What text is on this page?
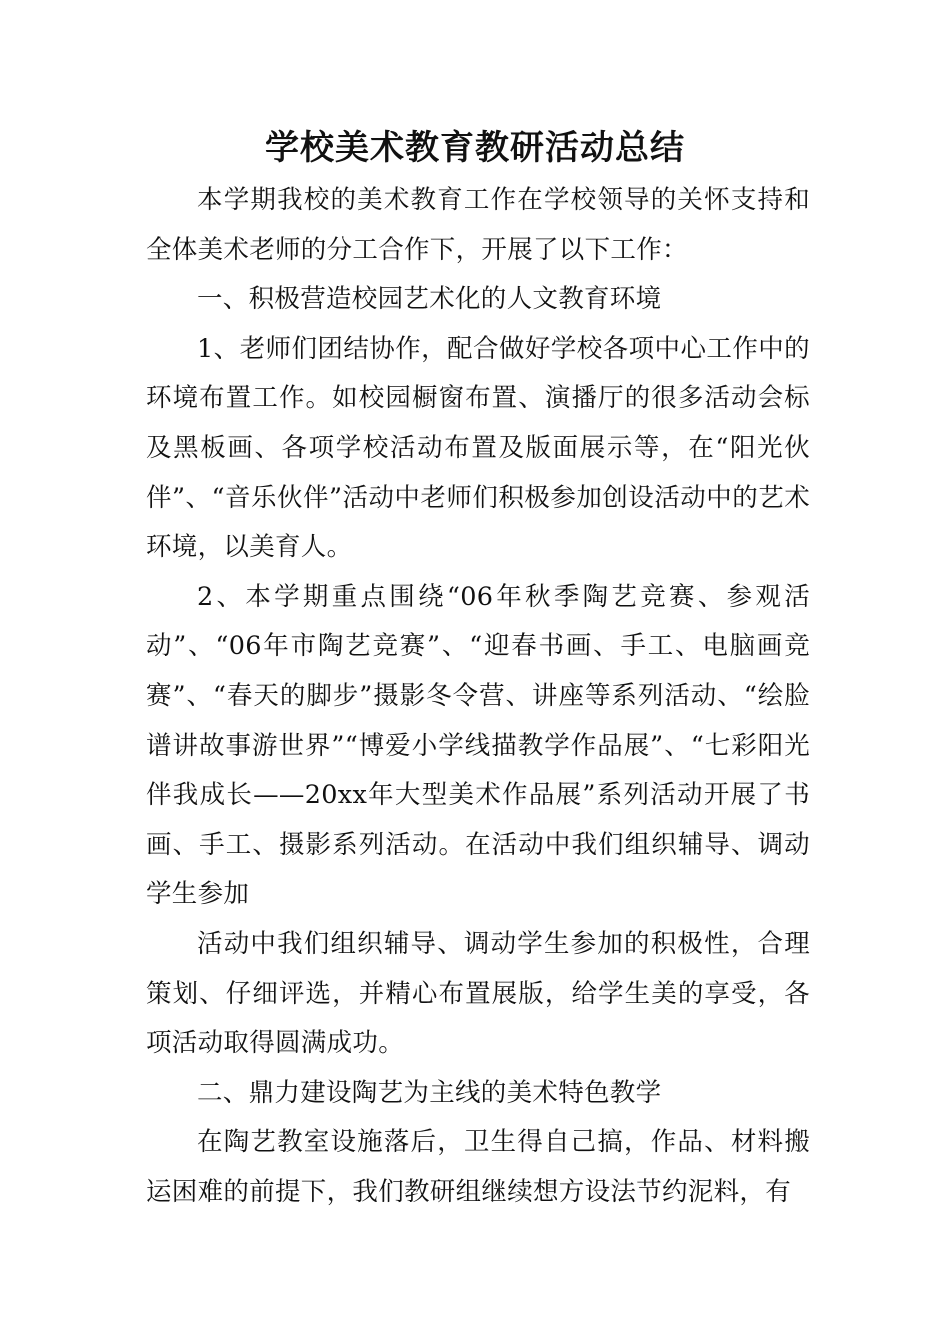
学校美术教育教研活动总结

本学期我校的美术教育工作在学校领导的关怀支持和全体美术老师的分工合作下，开展了以下工作：

一、积极营造校园艺术化的人文教育环境

1、老师们团结协作，配合做好学校各项中心工作中的环境布置工作。如校园橱窗布置、演播厅的很多活动会标及黑板画、各项学校活动布置及版面展示等，在“阳光伙伴”、“音乐伙伴”活动中老师们积极参加创设活动中的艺术环境，以美育人。

2、本学期重点围绕“06年秋季陶艺竞赛、参观活动”、“06年市陶艺竞赛”、“迎春书画、手工、电脑画竞赛”、“春天的脚步”摄影冬令营、讲座等系列活动、“绘脸谱讲故事游世界”“博爱小学线描教学作品展”、“七彩阳光伴我成长——20xx年大型美术作品展”系列活动开展了书画、手工、摄影系列活动。在活动中我们组织辅导、调动学生参加

活动中我们组织辅导、调动学生参加的积极性，合理策划、仔细评选，并精心布置展版，给学生美的享受，各项活动取得圆满成功。

二、鼎力建设陶艺为主线的美术特色教学

在陶艺教室设施落后，卫生得自己搞，作品、材料搬运困难的前提下，我们教研组继续想方设法节约泥料，有
